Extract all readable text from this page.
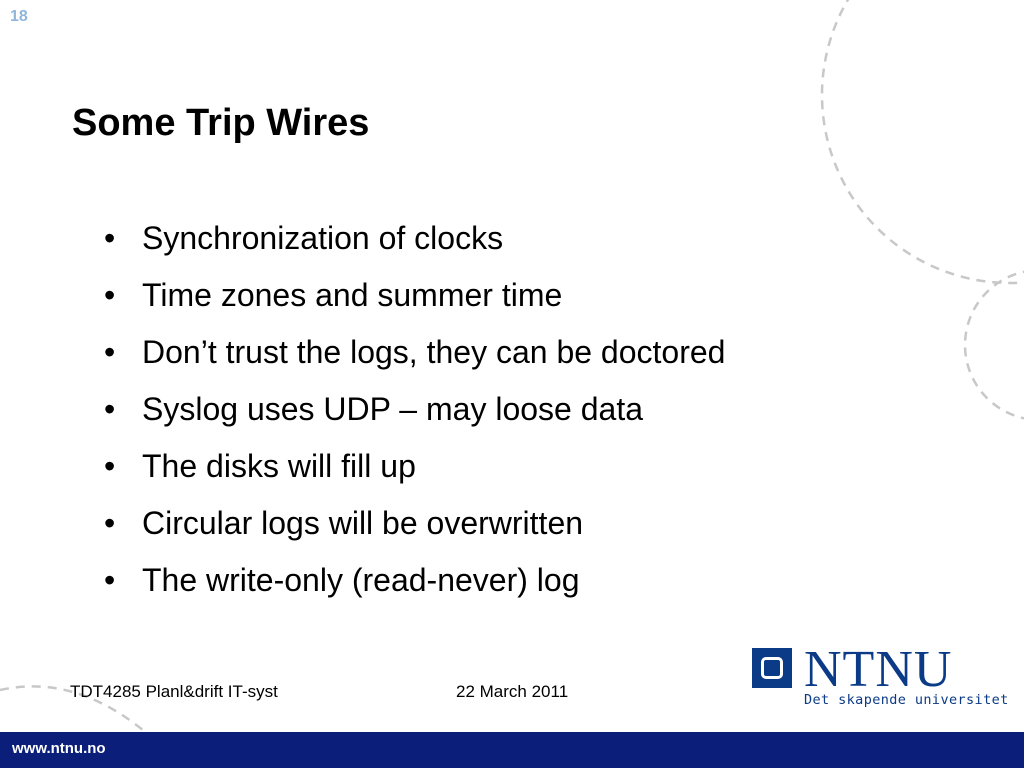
18
Some Trip Wires
• Synchronization of clocks
• Time zones and summer time
• Don’t trust the logs, they can be doctored
• Syslog uses UDP – may loose data
• The disks will fill up
• Circular logs will be overwritten
• The write-only (read-never) log
TDT4285 Planl&drift IT-syst	22 March 2011	NTNU
Det skapende universitet
www.ntnu.no
